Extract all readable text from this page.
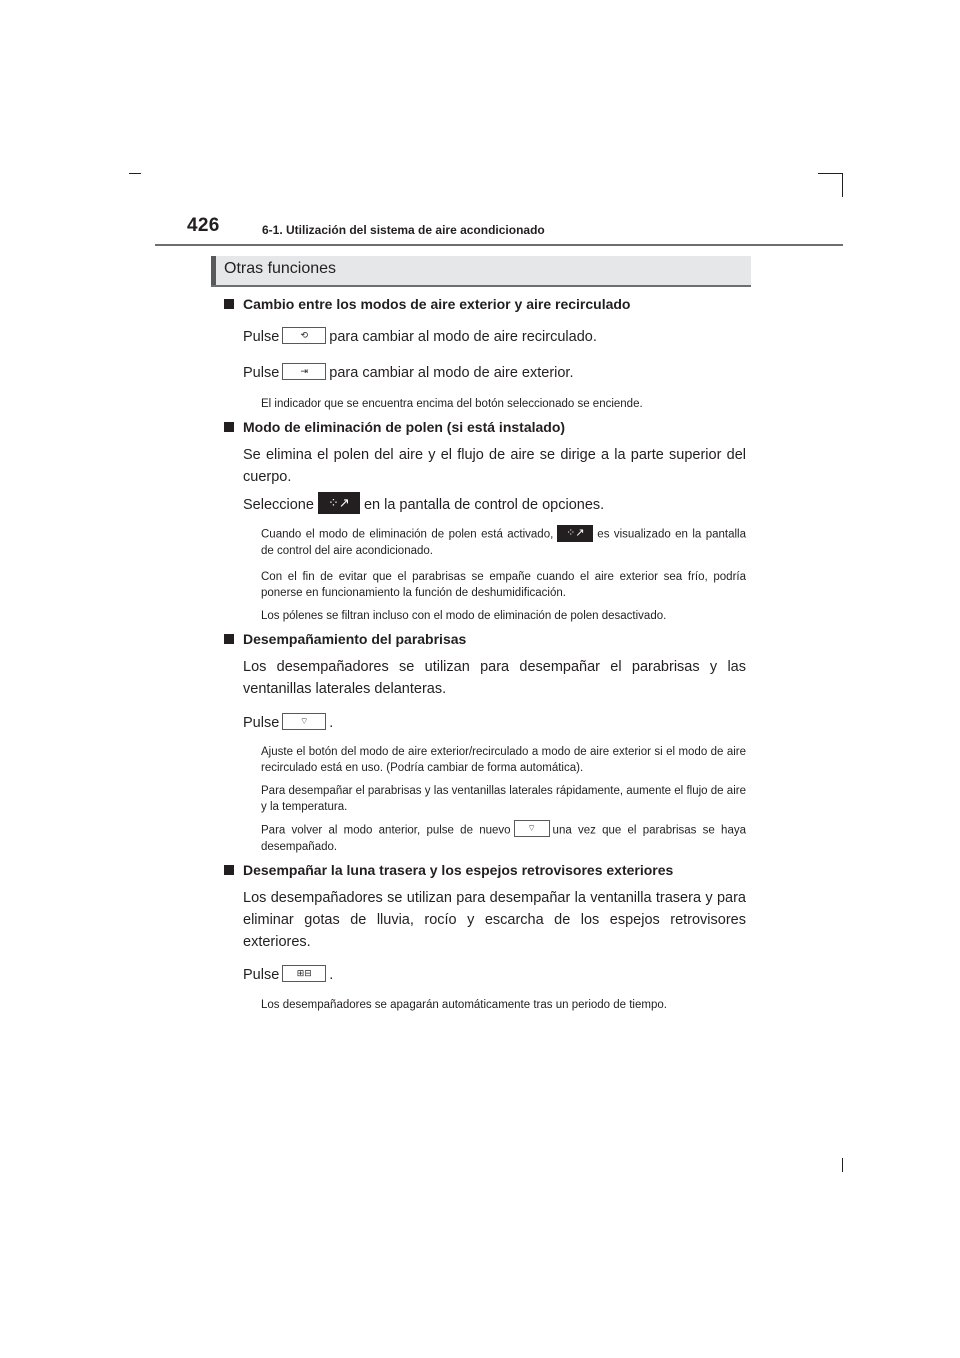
426	6-1. Utilización del sistema de aire acondicionado
Otras funciones

Cambio entre los modos de aire exterior y aire recirculado

Pulse ⟲ para cambiar al modo de aire recirculado.

Pulse ⇥ para cambiar al modo de aire exterior.

El indicador que se encuentra encima del botón seleccionado se enciende.

Modo de eliminación de polen (si está instalado)

Se elimina el polen del aire y el flujo de aire se dirige a la parte superior del cuerpo.

Seleccione ⁘↗ en la pantalla de control de opciones.

Cuando el modo de eliminación de polen está activado, ⁘↗ es visualizado en la pantalla de control del aire acondicionado.

Con el fin de evitar que el parabrisas se empañe cuando el aire exterior sea frío, podría ponerse en funcionamiento la función de deshumidificación.

Los pólenes se filtran incluso con el modo de eliminación de polen desactivado.

Desempañamiento del parabrisas

Los desempañadores se utilizan para desempañar el parabrisas y las ventanillas laterales delanteras.

Pulse ⌔ .

Ajuste el botón del modo de aire exterior/recirculado a modo de aire exterior si el modo de aire recirculado está en uso. (Podría cambiar de forma automática).

Para desempañar el parabrisas y las ventanillas laterales rápidamente, aumente el flujo de aire y la temperatura.

Para volver al modo anterior, pulse de nuevo ⌔ una vez que el parabrisas se haya desempañado.

Desempañar la luna trasera y los espejos retrovisores exteriores

Los desempañadores se utilizan para desempañar la ventanilla trasera y para eliminar gotas de lluvia, rocío y escarcha de los espejos retrovisores exteriores.

Pulse ⊞⊟ .

Los desempañadores se apagarán automáticamente tras un periodo de tiempo.
